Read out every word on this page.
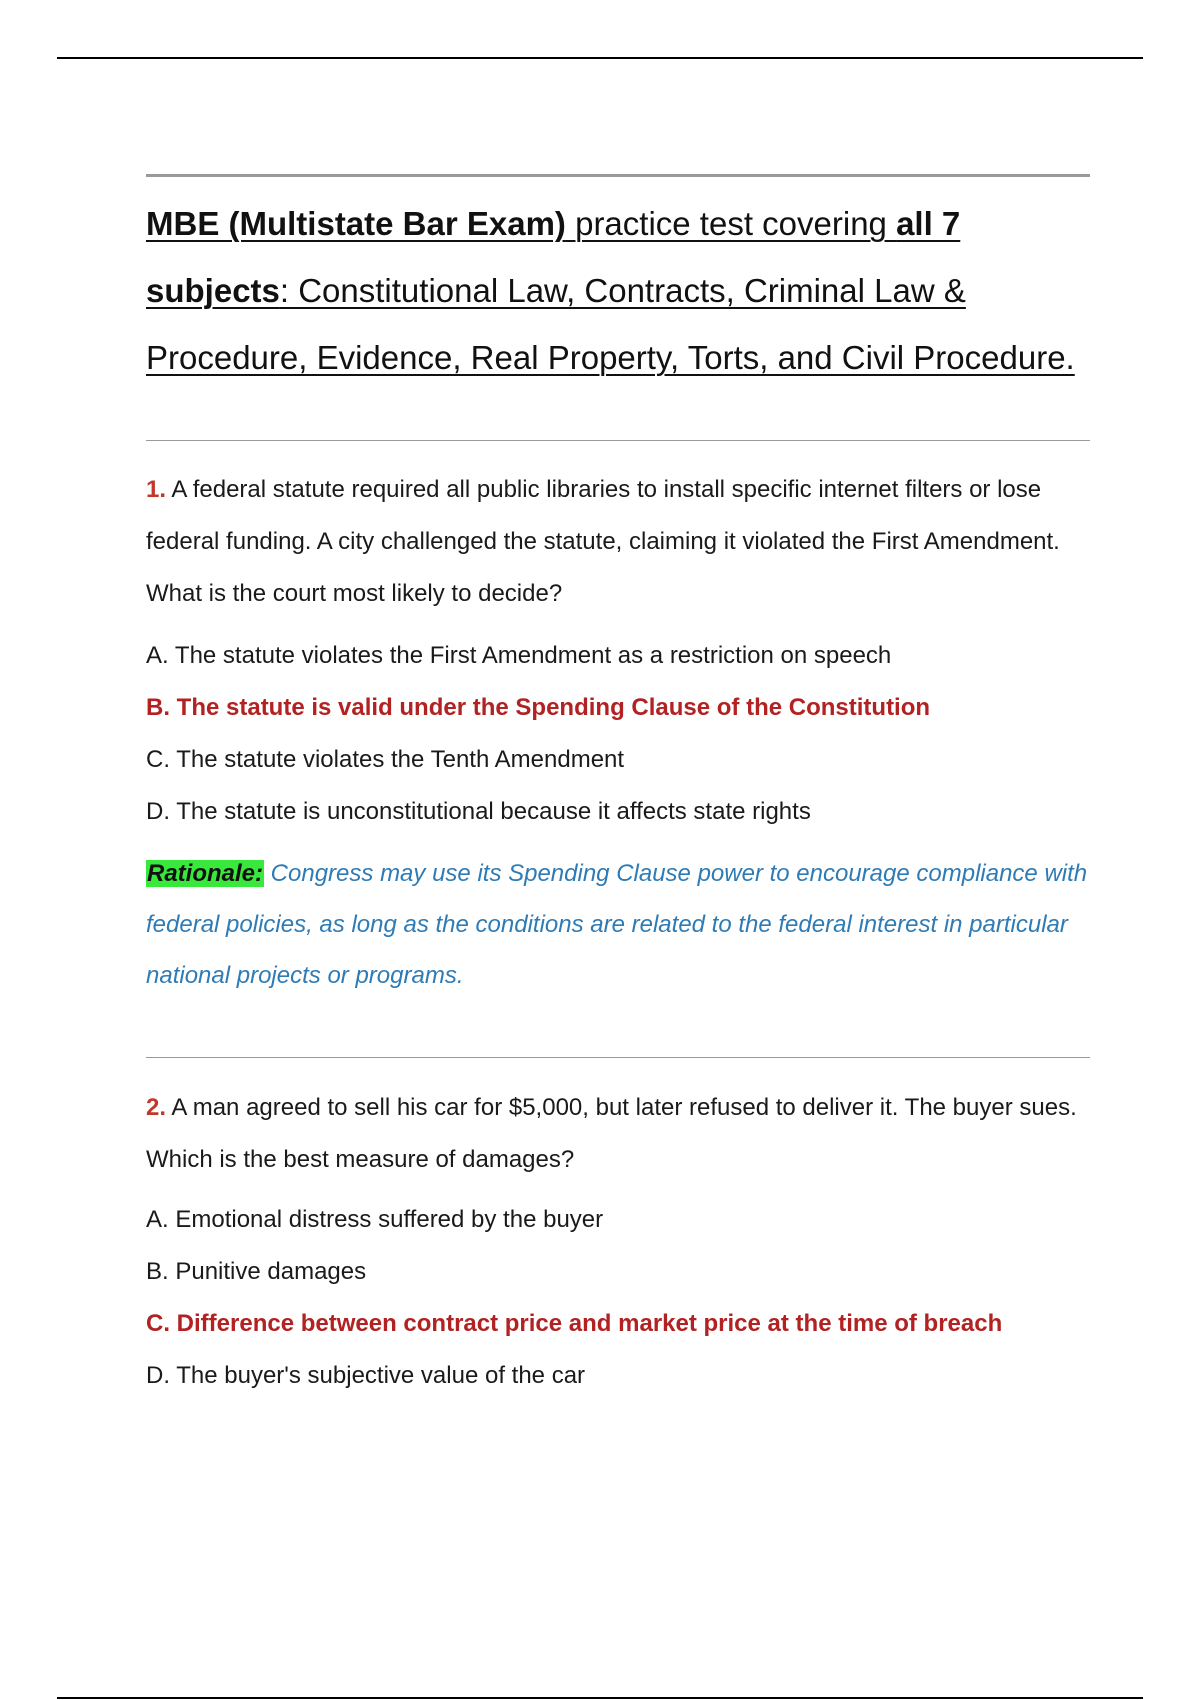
MBE (Multistate Bar Exam) practice test covering all 7 subjects: Constitutional Law, Contracts, Criminal Law & Procedure, Evidence, Real Property, Torts, and Civil Procedure.

1. A federal statute required all public libraries to install specific internet filters or lose federal funding. A city challenged the statute, claiming it violated the First Amendment. What is the court most likely to decide?

A. The statute violates the First Amendment as a restriction on speech

B. The statute is valid under the Spending Clause of the Constitution

C. The statute violates the Tenth Amendment

D. The statute is unconstitutional because it affects state rights

Rationale: Congress may use its Spending Clause power to encourage compliance with federal policies, as long as the conditions are related to the federal interest in particular national projects or programs.

2. A man agreed to sell his car for $5,000, but later refused to deliver it. The buyer sues. Which is the best measure of damages?

A. Emotional distress suffered by the buyer

B. Punitive damages

C. Difference between contract price and market price at the time of breach

D. The buyer's subjective value of the car
